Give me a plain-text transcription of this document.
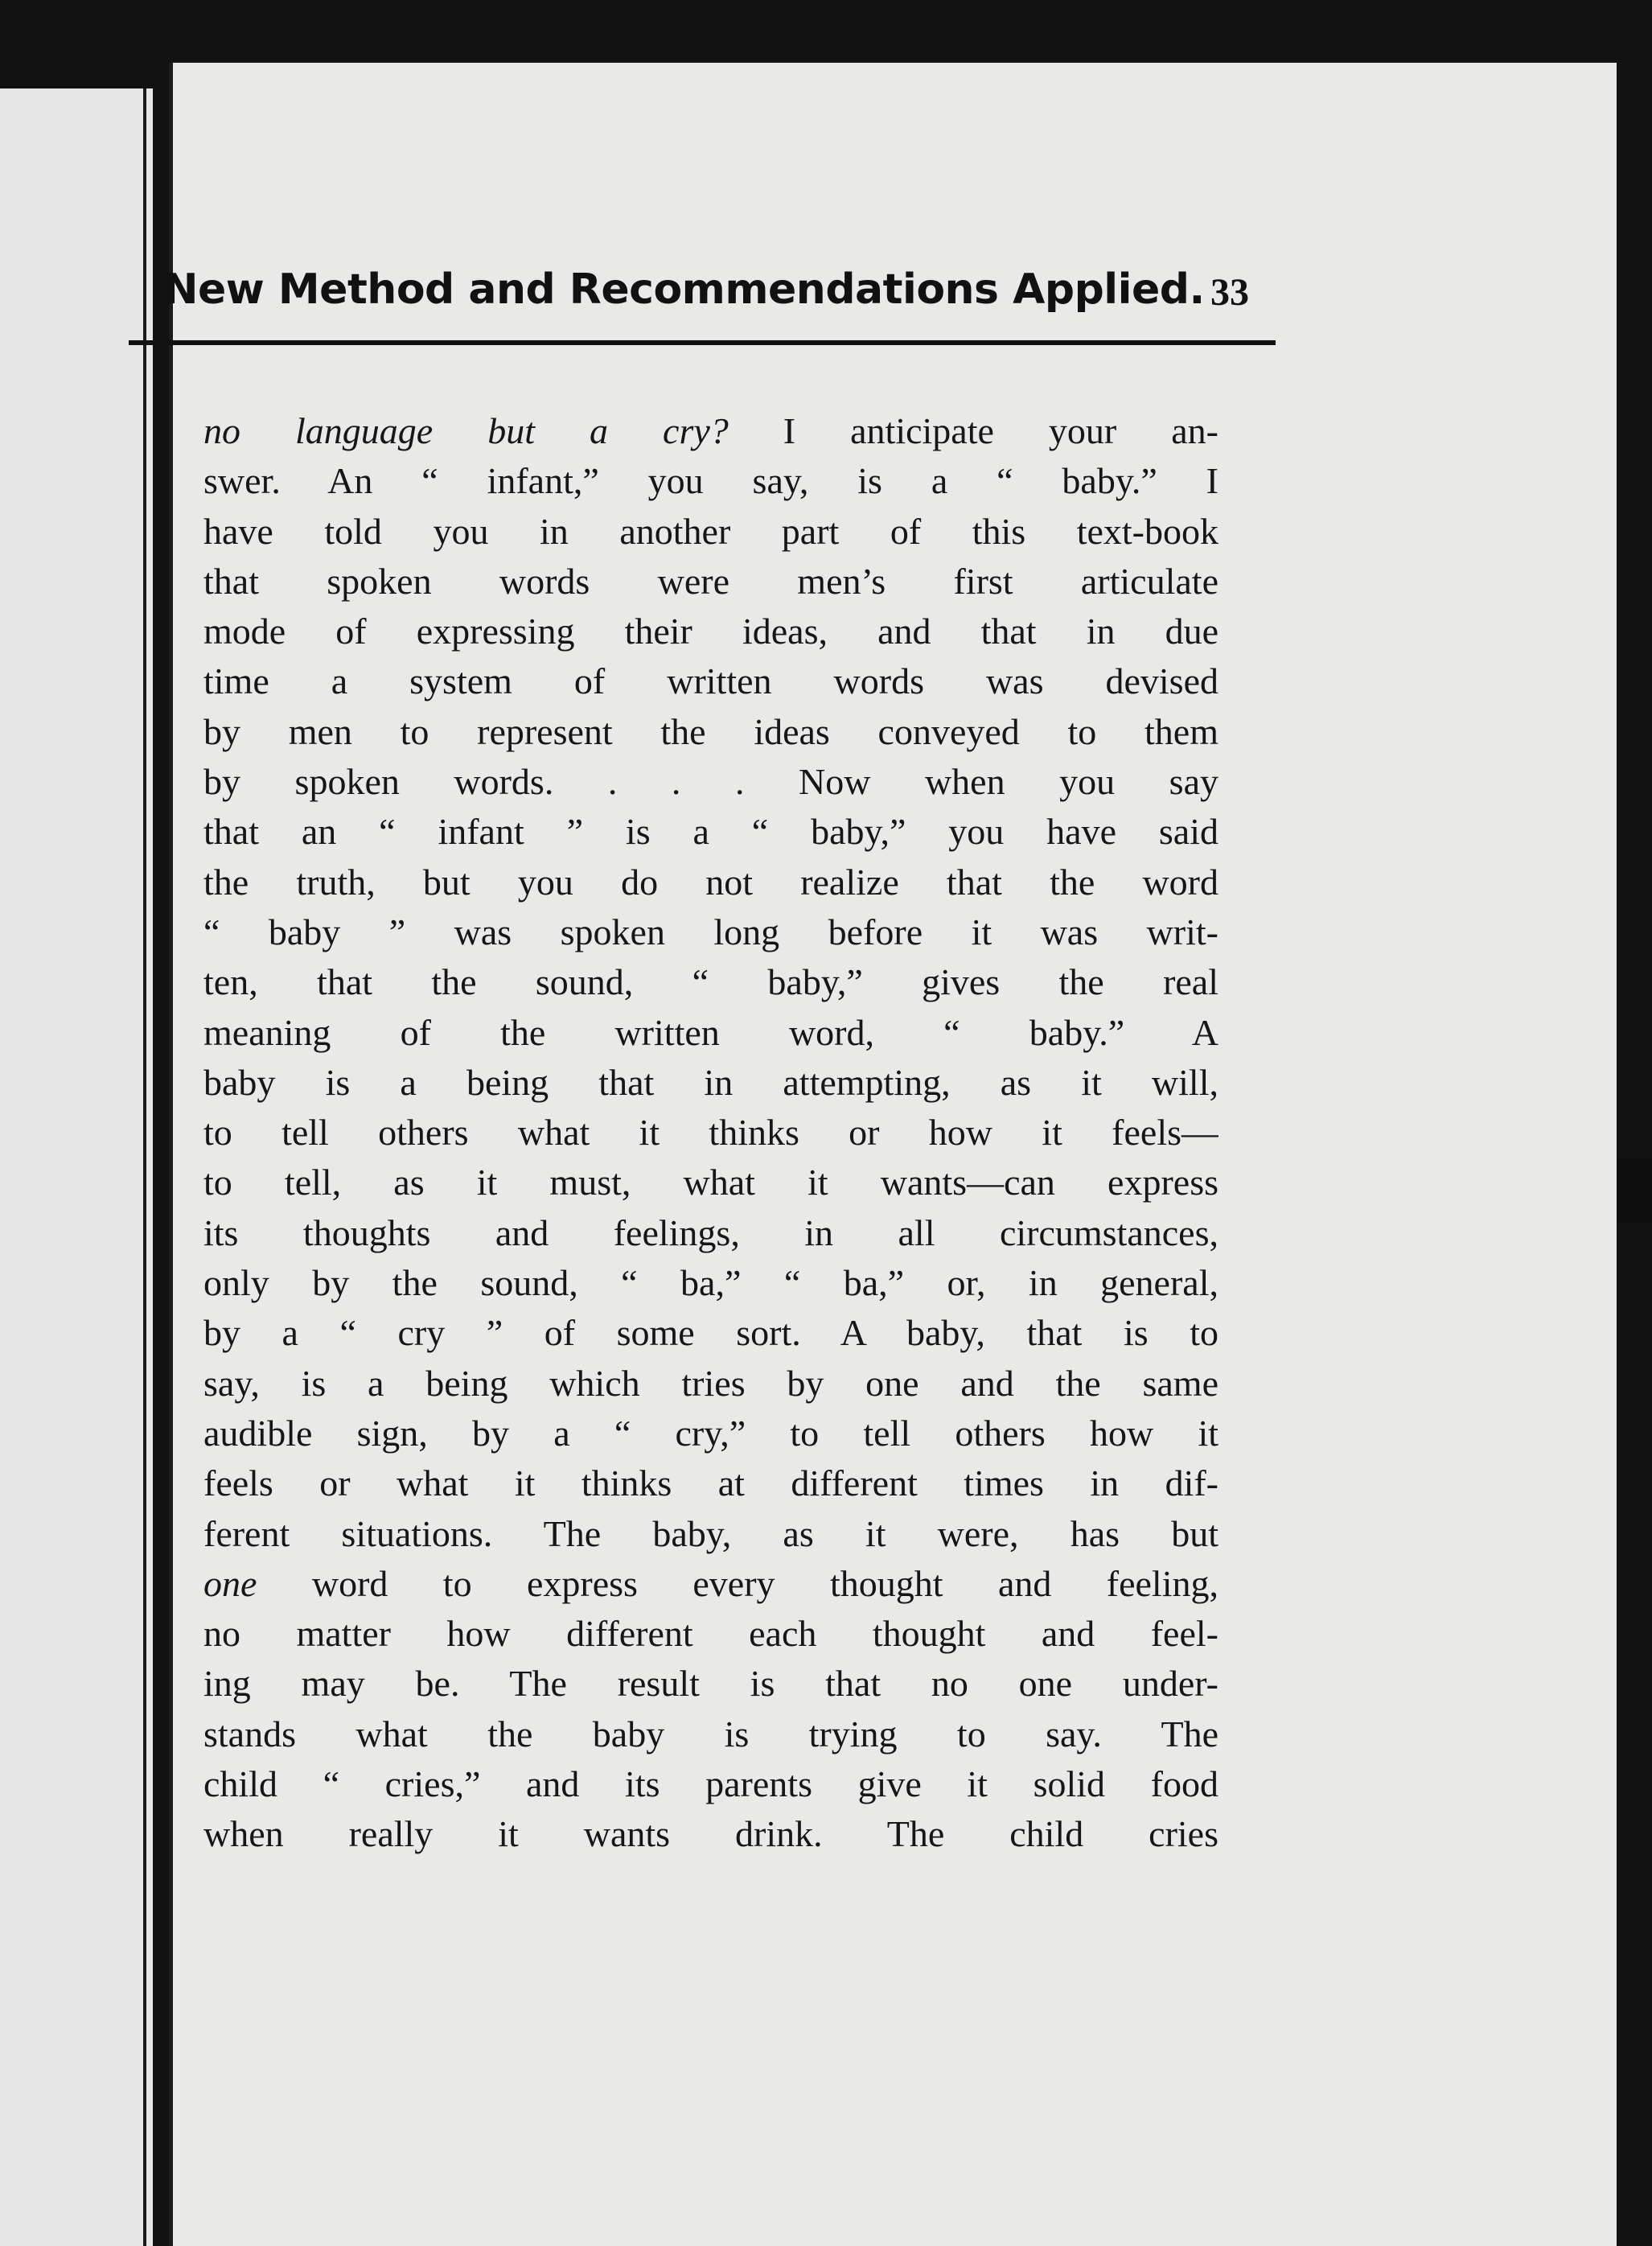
New Method and Recommendations Applied. 33
no language but a cry? I anticipate your an-
swer. An “ infant,” you say, is a “ baby.” I
have told you in another part of this text-book
that spoken words were men’s first articulate
mode of expressing their ideas, and that in due
time a system of written words was devised
by men to represent the ideas conveyed to them
by spoken words. . . . Now when you say
that an “ infant ” is a “ baby,” you have said
the truth, but you do not realize that the word
“ baby ” was spoken long before it was writ-
ten, that the sound, “ baby,” gives the real
meaning of the written word, “ baby.” A
baby is a being that in attempting, as it will,
to tell others what it thinks or how it feels—
to tell, as it must, what it wants—can express
its thoughts and feelings, in all circumstances,
only by the sound, “ ba,” “ ba,” or, in general,
by a “ cry ” of some sort. A baby, that is to
say, is a being which tries by one and the same
audible sign, by a “ cry,” to tell others how it
feels or what it thinks at different times in dif-
ferent situations. The baby, as it were, has but
one word to express every thought and feeling,
no matter how different each thought and feel-
ing may be. The result is that no one under-
stands what the baby is trying to say. The
child “ cries,” and its parents give it solid food
when really it wants drink. The child cries
